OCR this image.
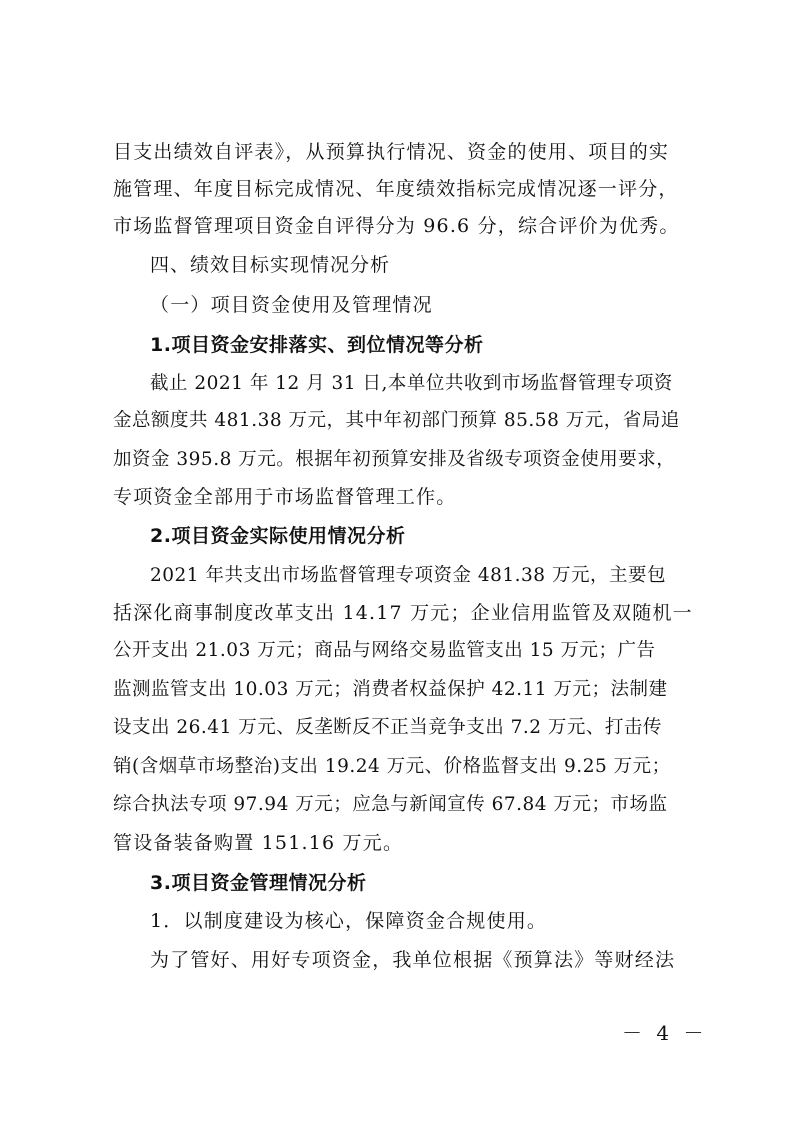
目支出绩效自评表》，从预算执行情况、资金的使用、项目的实
施管理、年度目标完成情况、年度绩效指标完成情况逐一评分，
市场监督管理项目资金自评得分为 96.6 分，综合评价为优秀。
四、绩效目标实现情况分析
（一）项目资金使用及管理情况
1.项目资金安排落实、到位情况等分析
截止 2021 年 12 月 31 日,本单位共收到市场监督管理专项资
金总额度共 481.38 万元，其中年初部门预算 85.58 万元，省局追
加资金 395.8 万元。根据年初预算安排及省级专项资金使用要求，
专项资金全部用于市场监督管理工作。
2.项目资金实际使用情况分析
2021 年共支出市场监督管理专项资金 481.38 万元，主要包
括深化商事制度改革支出 14.17 万元；企业信用监管及双随机一
公开支出 21.03 万元；商品与网络交易监管支出 15 万元；广告
监测监管支出 10.03 万元；消费者权益保护 42.11 万元；法制建
设支出 26.41 万元、反垄断反不正当竞争支出 7.2 万元、打击传
销(含烟草市场整治)支出 19.24 万元、价格监督支出 9.25 万元；
综合执法专项 97.94 万元；应急与新闻宣传 67.84 万元；市场监
管设备装备购置 151.16 万元。
3.项目资金管理情况分析
1．以制度建设为核心，保障资金合规使用。
为了管好、用好专项资金，我单位根据《预算法》等财经法
－ 4 －
